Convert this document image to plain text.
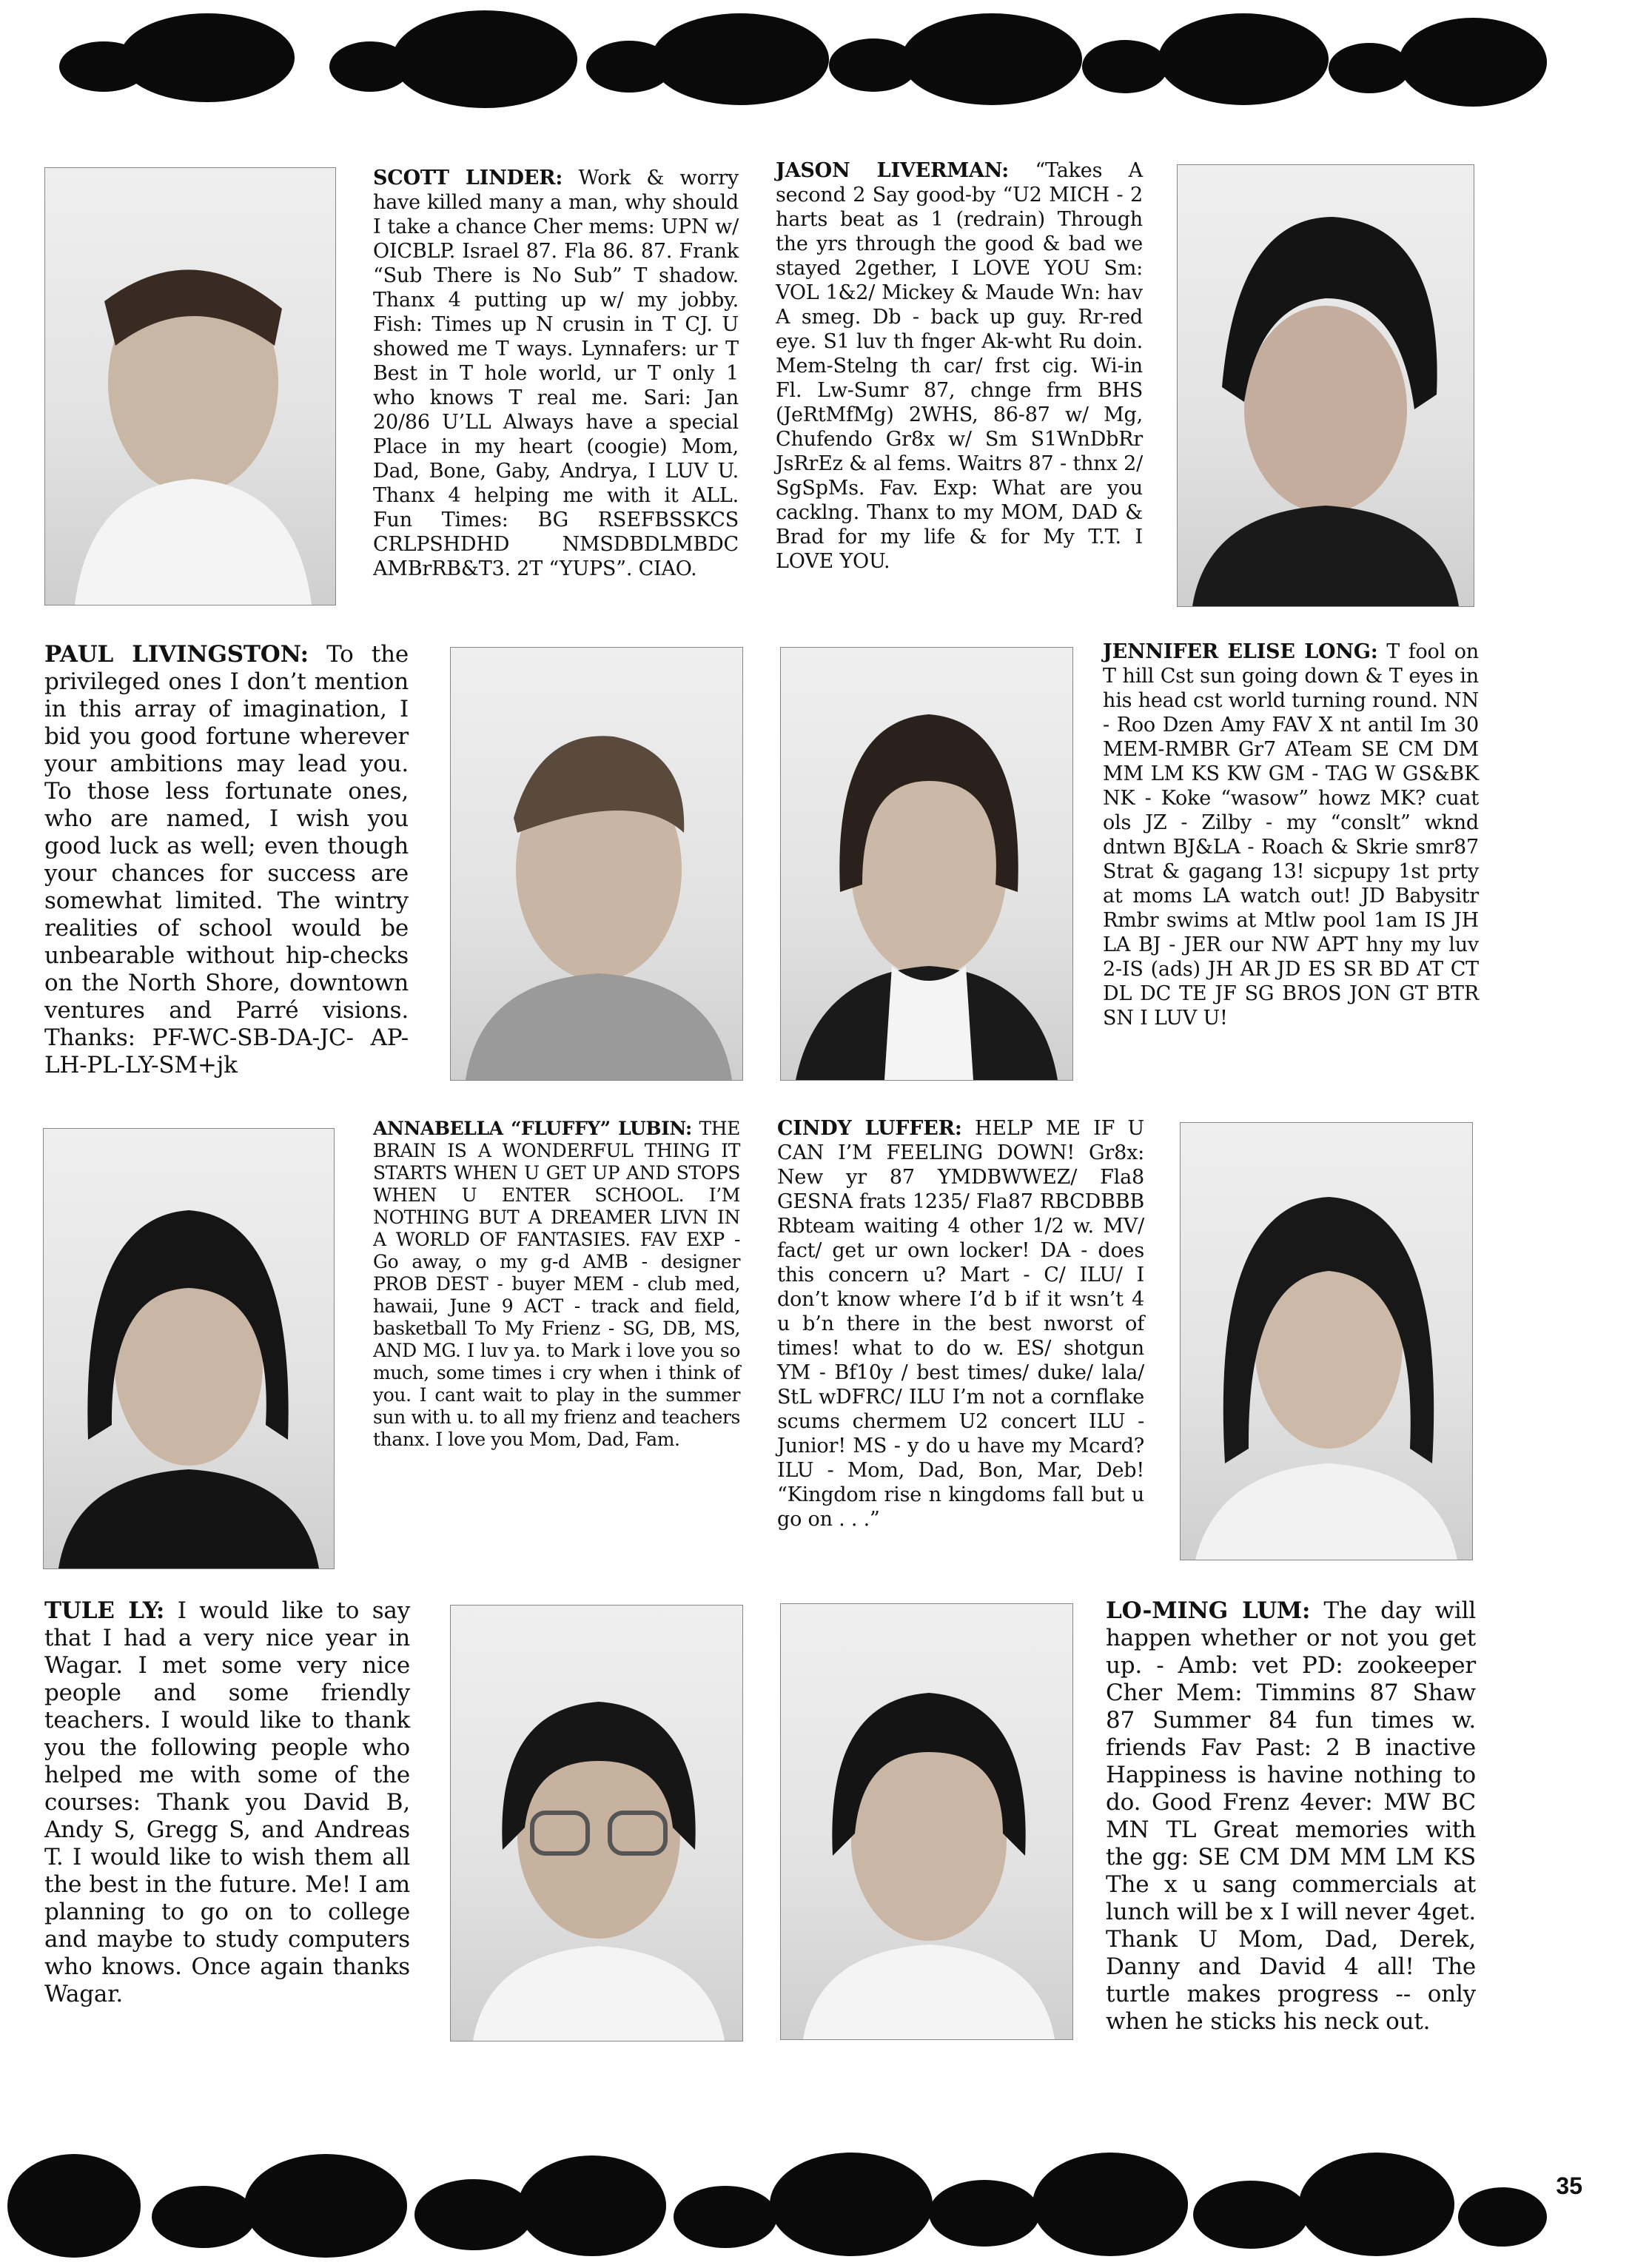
SCOTT LINDER: Work & worry have killed many a man, why should I take a chance Cher mems: UPN w/ OICBLP. Israel 87. Fla 86. 87. Frank “Sub There is No Sub” T shadow. Thanx 4 putting up w/ my jobby. Fish: Times up N crusin in T CJ. U showed me T ways. Lynnafers: ur T Best in T hole world, ur T only 1 who knows T real me. Sari: Jan 20/86 U’LL Always have a special Place in my heart (coogie) Mom, Dad, Bone, Gaby, Andrya, I LUV U. Thanx 4 helping me with it ALL. Fun Times: BG RSEFBSSKCS CRLPSHDHD NMSDBDLMBDC AMBrRB&T3. 2T “YUPS”. CIAO.

JASON LIVERMAN: “Takes A second 2 Say good-by “U2 MICH - 2 harts beat as 1 (redrain) Through the yrs through the good & bad we stayed 2gether, I LOVE YOU Sm: VOL 1&2/ Mickey & Maude Wn: hav A smeg. Db - back up guy. Rr-red eye. S1 luv th fnger Ak-wht Ru doin. Mem-Stelng th car/ frst cig. Wi-in Fl. Lw-Sumr 87, chnge frm BHS (JeRtMfMg) 2WHS, 86-87 w/ Mg, Chufendo Gr8x w/ Sm S1WnDbRr JsRrEz & al fems. Waitrs 87 - thnx 2/ SgSpMs. Fav. Exp: What are you cacklng. Thanx to my MOM, DAD & Brad for my life & for My T.T. I LOVE YOU.

PAUL LIVINGSTON: To the privileged ones I don’t mention in this array of imagination, I bid you good fortune wherever your ambitions may lead you. To those less fortunate ones, who are named, I wish you good luck as well; even though your chances for success are somewhat limited. The wintry realities of school would be unbearable without hip-checks on the North Shore, downtown ventures and Parré visions. Thanks: PF-WC-SB-DA-JC- AP-LH-PL-LY-SM+jk

JENNIFER ELISE LONG: T fool on T hill Cst sun going down & T eyes in his head cst world turning round. NN - Roo Dzen Amy FAV X nt antil Im 30 MEM-RMBR Gr7 ATeam SE CM DM MM LM KS KW GM - TAG W GS&BK NK - Koke “wasow” howz MK? cuat ols JZ - Zilby - my “conslt” wknd dntwn BJ&LA - Roach & Skrie smr87 Strat & gagang 13! sicpupy 1st prty at moms LA watch out! JD Babysitr Rmbr swims at Mtlw pool 1am IS JH LA BJ - JER our NW APT hny my luv 2-IS (ads) JH AR JD ES SR BD AT CT DL DC TE JF SG BROS JON GT BTR SN I LUV U!

ANNABELLA “FLUFFY” LUBIN: THE BRAIN IS A WONDERFUL THING IT STARTS WHEN U GET UP AND STOPS WHEN U ENTER SCHOOL. I’M NOTHING BUT A DREAMER LIVN IN A WORLD OF FANTASIES. FAV EXP - Go away, o my g-d AMB - designer PROB DEST - buyer MEM - club med, hawaii, June 9 ACT - track and field, basketball To My Frienz - SG, DB, MS, AND MG. I luv ya. to Mark i love you so much, some times i cry when i think of you. I cant wait to play in the summer sun with u. to all my frienz and teachers thanx. I love you Mom, Dad, Fam.

CINDY LUFFER: HELP ME IF U CAN I’M FEELING DOWN! Gr8x: New yr 87 YMDBWWEZ/ Fla8 GESNA frats 1235/ Fla87 RBCDBBB Rbteam waiting 4 other 1/2 w. MV/ fact/ get ur own locker! DA - does this concern u? Mart - C/ ILU/ I don’t know where I’d b if it wsn’t 4 u b’n there in the best nworst of times! what to do w. ES/ shotgun YM - Bf10y / best times/ duke/ lala/ StL wDFRC/ ILU I’m not a cornflake scums chermem U2 concert ILU - Junior! MS - y do u have my Mcard? ILU - Mom, Dad, Bon, Mar, Deb! “Kingdom rise n kingdoms fall but u go on . . .”

TULE LY: I would like to say that I had a very nice year in Wagar. I met some very nice people and some friendly teachers. I would like to thank you the following people who helped me with some of the courses: Thank you David B, Andy S, Gregg S, and Andreas T. I would like to wish them all the best in the future. Me! I am planning to go on to college and maybe to study computers who knows. Once again thanks Wagar.

LO-MING LUM: The day will happen whether or not you get up. - Amb: vet PD: zookeeper Cher Mem: Timmins 87 Shaw 87 Summer 84 fun times w. friends Fav Past: 2 B inactive Happiness is havine nothing to do. Good Frenz 4ever: MW BC MN TL Great memories with the gg: SE CM DM MM LM KS The x u sang commercials at lunch will be x I will never 4get. Thank U Mom, Dad, Derek, Danny and David 4 all! The turtle makes progress -- only when he sticks his neck out.

35
